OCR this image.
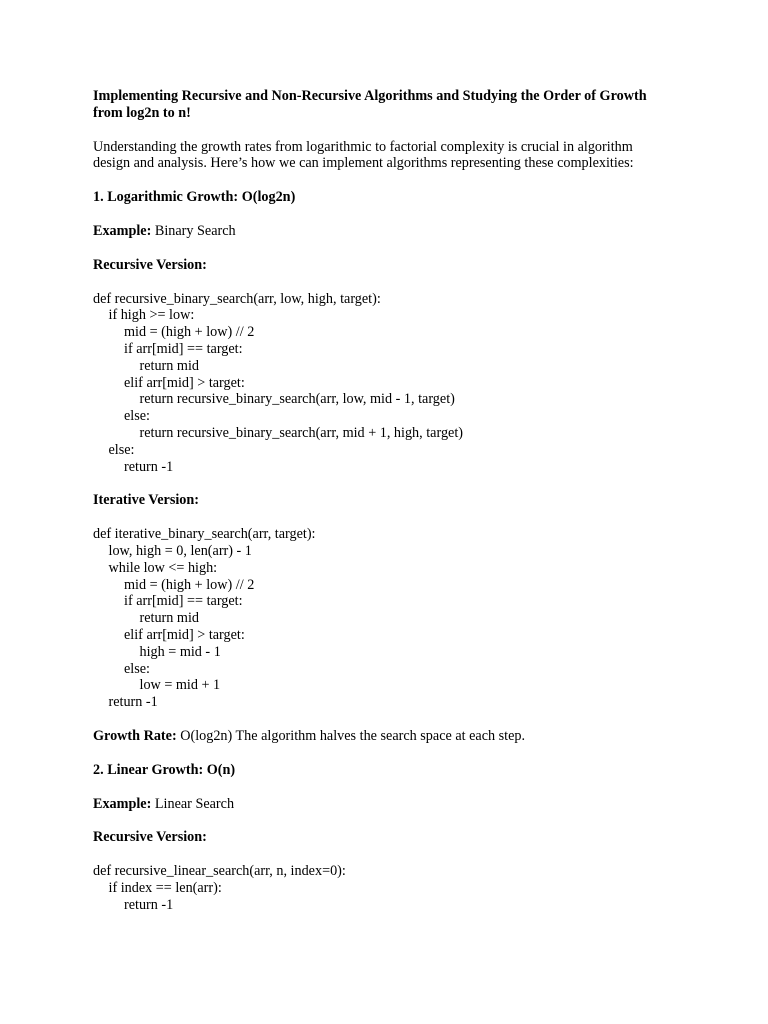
Implementing Recursive and Non-Recursive Algorithms and Studying the Order of Growth from log2n to n!
Understanding the growth rates from logarithmic to factorial complexity is crucial in algorithm design and analysis. Here’s how we can implement algorithms representing these complexities:
1. Logarithmic Growth: O(log2n)
Example: Binary Search
Recursive Version:
def recursive_binary_search(arr, low, high, target):
if high >= low:
mid = (high + low) // 2
if arr[mid] == target:
return mid
elif arr[mid] > target:
return recursive_binary_search(arr, low, mid - 1, target)
else:
return recursive_binary_search(arr, mid + 1, high, target)
else:
return -1
Iterative Version:
def iterative_binary_search(arr, target):
low, high = 0, len(arr) - 1
while low <= high:
mid = (high + low) // 2
if arr[mid] == target:
return mid
elif arr[mid] > target:
high = mid - 1
else:
low = mid + 1
return -1
Growth Rate: O(log2n) The algorithm halves the search space at each step.
2. Linear Growth: O(n)
Example: Linear Search
Recursive Version:
def recursive_linear_search(arr, n, index=0):
if index == len(arr):
return -1
